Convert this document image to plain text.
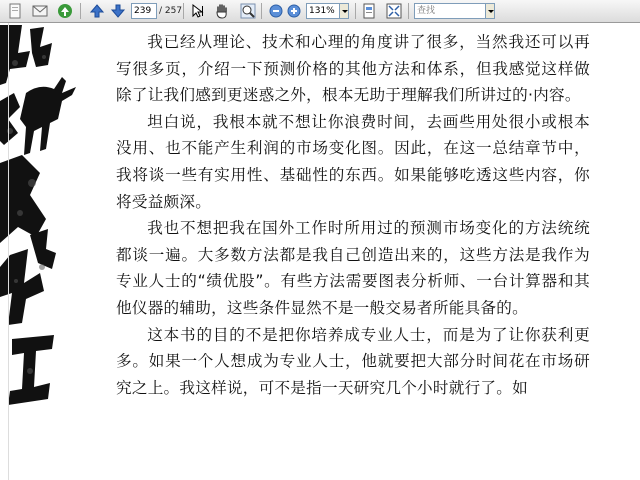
239
/ 257
131%
查找

我已经从理论、技术和心理的角度讲了很多，当然我还可以再写很多页，介绍一下预测价格的其他方法和体系，但我感觉这样做除了让我们感到更迷惑之外，根本无助于理解我们所讲过的·内容。

坦白说，我根本就不想让你浪费时间，去画些用处很小或根本没用、也不能产生利润的市场变化图。因此，在这一总结章节中，我将谈一些有实用性、基础性的东西。如果能够吃透这些内容，你将受益颇深。

我也不想把我在国外工作时所用过的预测市场变化的方法统统都谈一遍。大多数方法都是我自己创造出来的，这些方法是我作为专业人士的“绩优股”。有些方法需要图表分析师、一台计算器和其他仪器的辅助，这些条件显然不是一般交易者所能具备的。

这本书的目的不是把你培养成专业人士，而是为了让你获利更多。如果一个人想成为专业人士，他就要把大部分时间花在市场研究之上。我这样说，可不是指一天研究几个小时就行了。如
